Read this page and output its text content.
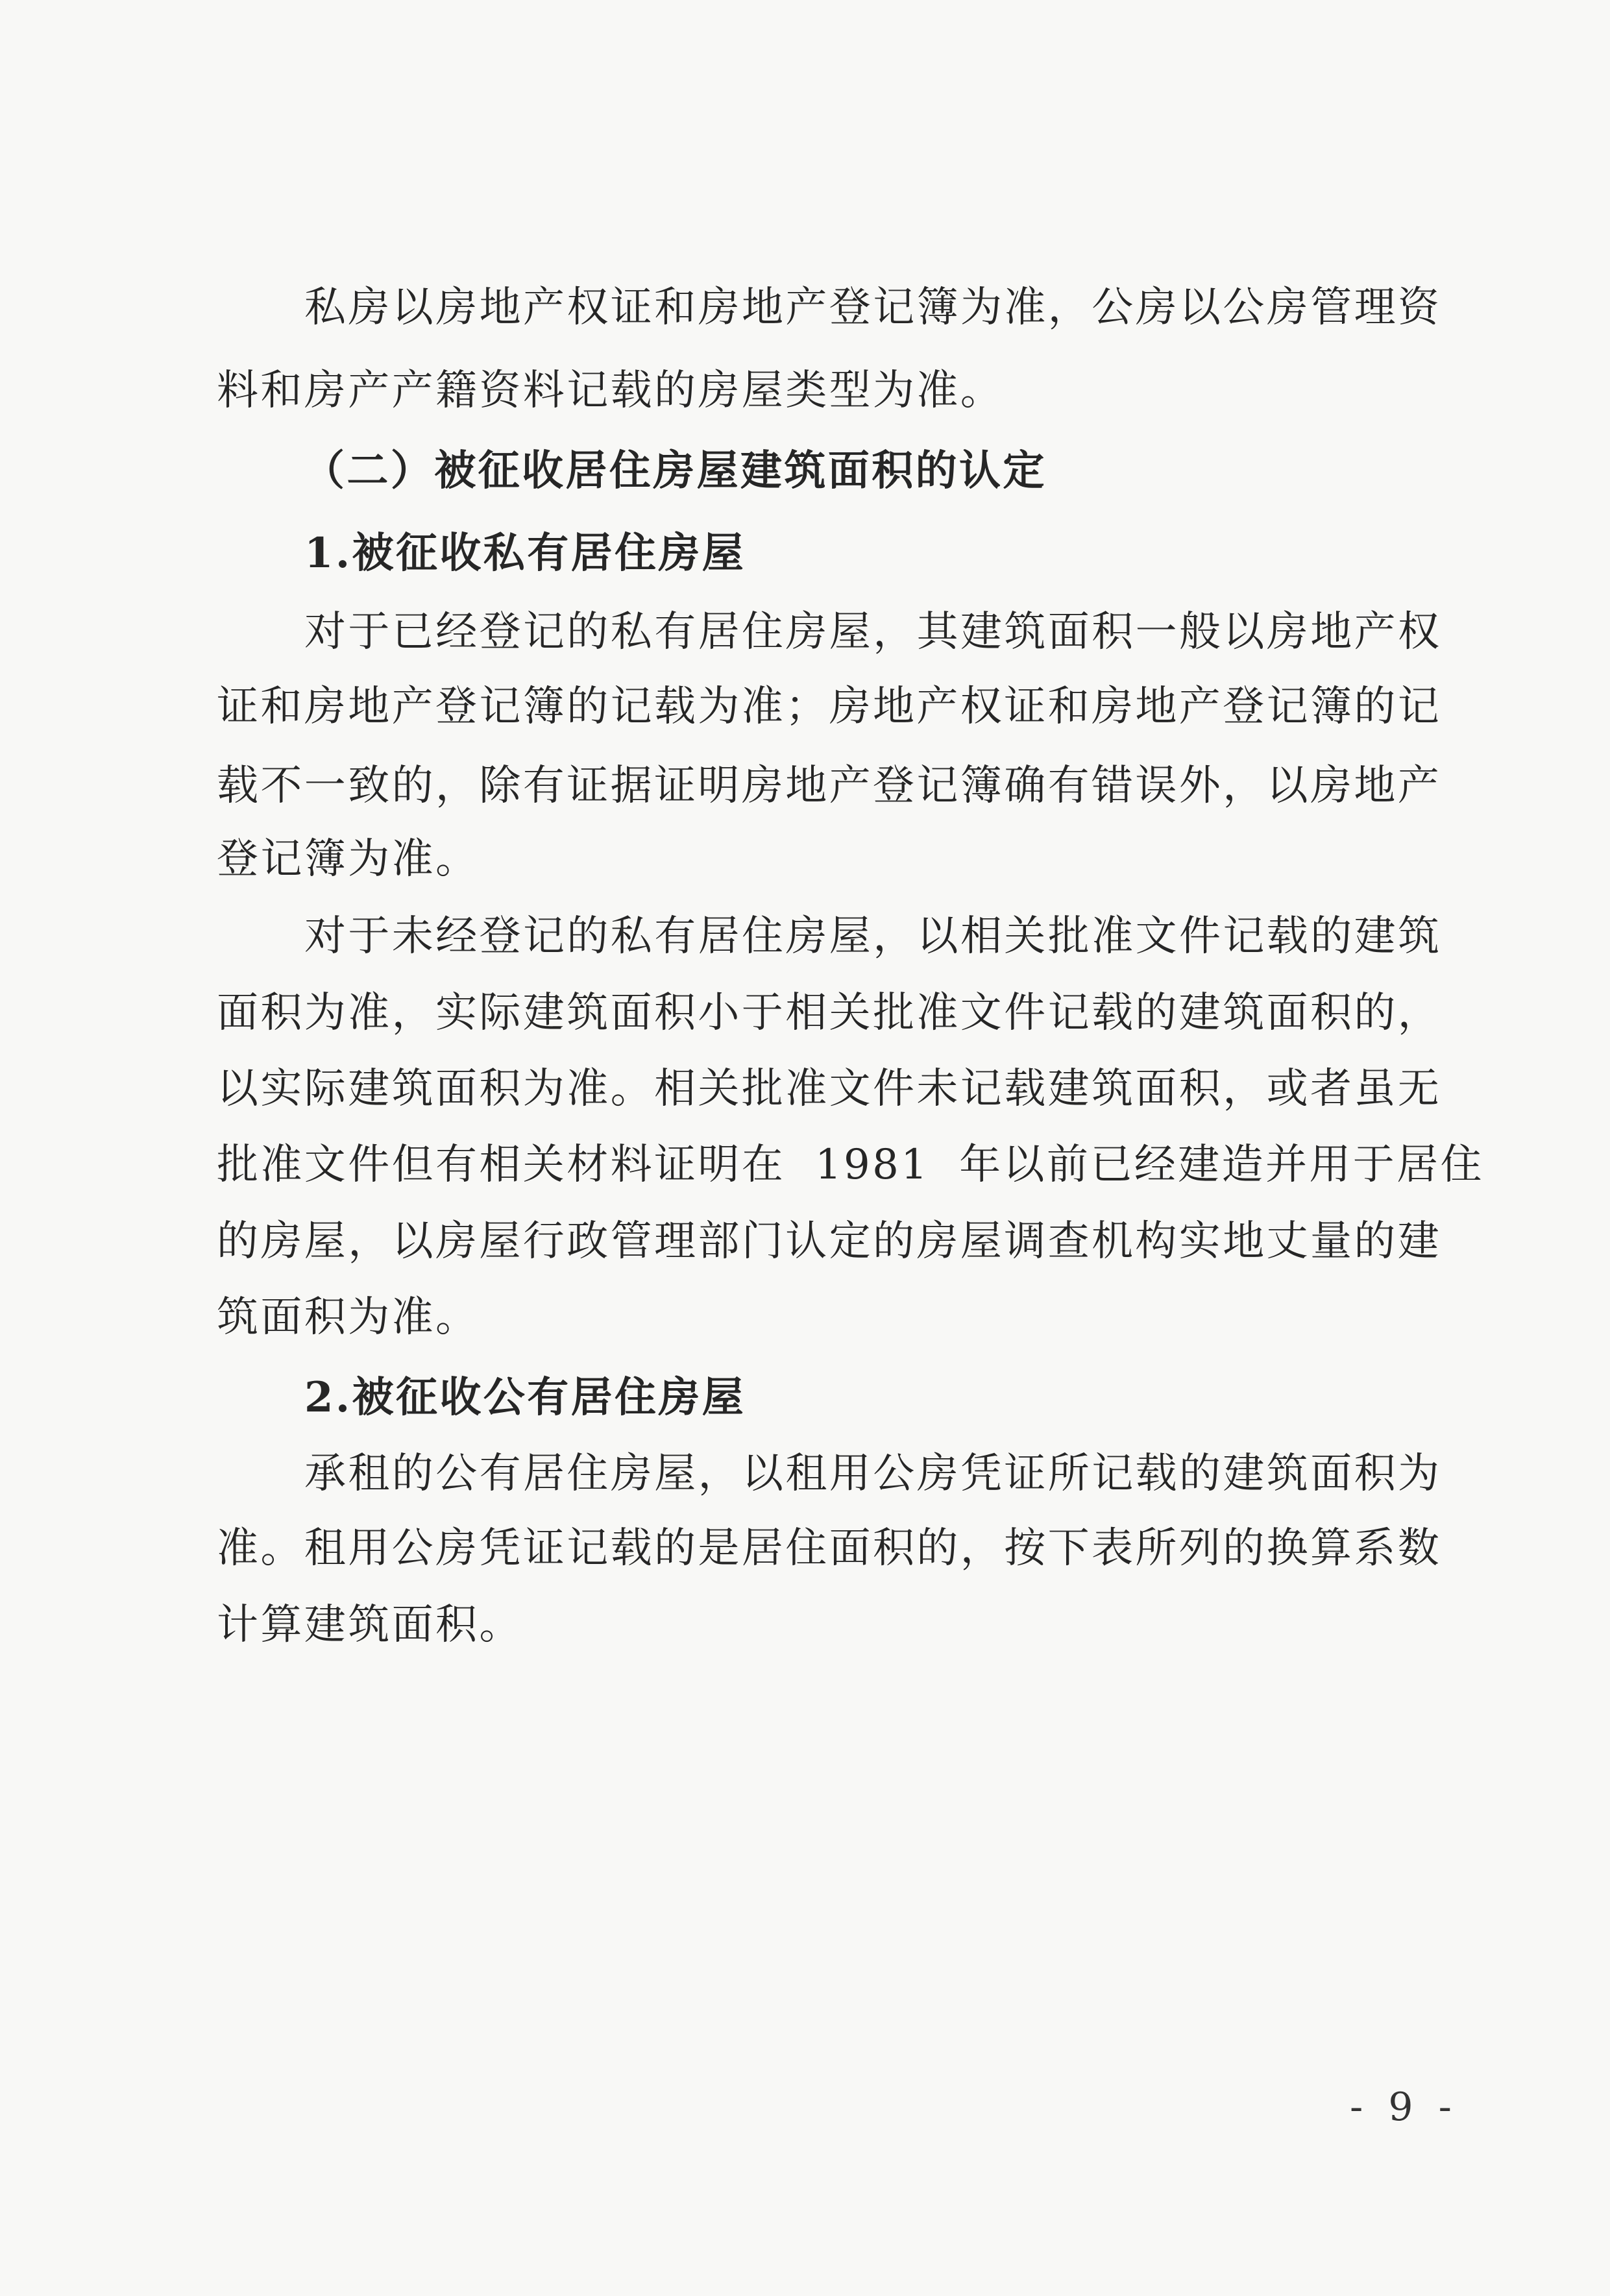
私房以房地产权证和房地产登记簿为准，公房以公房管理资
料和房产产籍资料记载的房屋类型为准。
（二）被征收居住房屋建筑面积的认定
1.被征收私有居住房屋
对于已经登记的私有居住房屋，其建筑面积一般以房地产权
证和房地产登记簿的记载为准；房地产权证和房地产登记簿的记
载不一致的，除有证据证明房地产登记簿确有错误外，以房地产
登记簿为准。
对于未经登记的私有居住房屋，以相关批准文件记载的建筑
面积为准，实际建筑面积小于相关批准文件记载的建筑面积的，
以实际建筑面积为准。相关批准文件未记载建筑面积，或者虽无
批准文件但有相关材料证明在 1981 年以前已经建造并用于居住
的房屋，以房屋行政管理部门认定的房屋调查机构实地丈量的建
筑面积为准。
2.被征收公有居住房屋
承租的公有居住房屋，以租用公房凭证所记载的建筑面积为
准。租用公房凭证记载的是居住面积的，按下表所列的换算系数
计算建筑面积。
- 9 -
